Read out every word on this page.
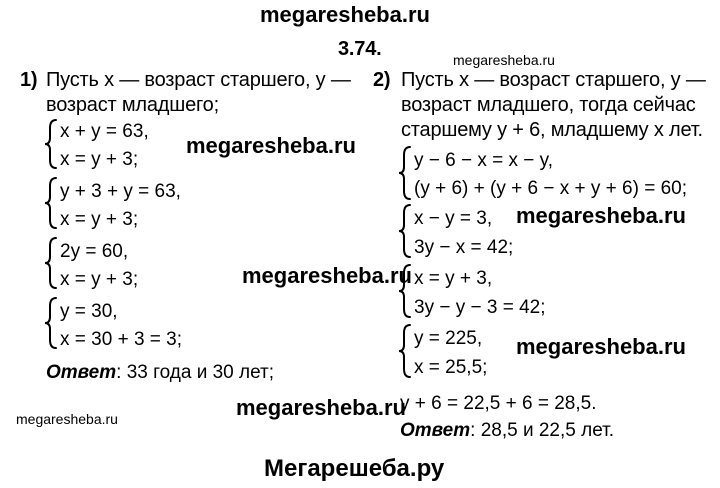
megaresheba.ru
3.74.	megaresheba.ru
1) Пусть x — возраст старшего, y —
возраст младшего;
x + y = 63,
x = y + 3;
y + 3 + y = 63,
x = y + 3;
2y = 60,
x = y + 3;
y = 30,
x = 30 + 3 = 3;
Ответ: 33 года и 30 лет;
megaresheba.ru
megaresheba.ru
megaresheba.ru
2) Пусть x — возраст старшего, y —
возраст младшего, тогда сейчас
старшему y + 6, младшему x лет.
y − 6 − x = x − y,
(y + 6) + (y + 6 − x + y + 6) = 60;
x − y = 3,
3y − x = 42;
x = y + 3,
3y − y − 3 = 42;
y = 225,
x = 25,5;
y + 6 = 22,5 + 6 = 28,5.
Ответ: 28,5 и 22,5 лет.
megaresheba.ru
megaresheba.ru
megaresheba.ru
Мегарешеба.ру
